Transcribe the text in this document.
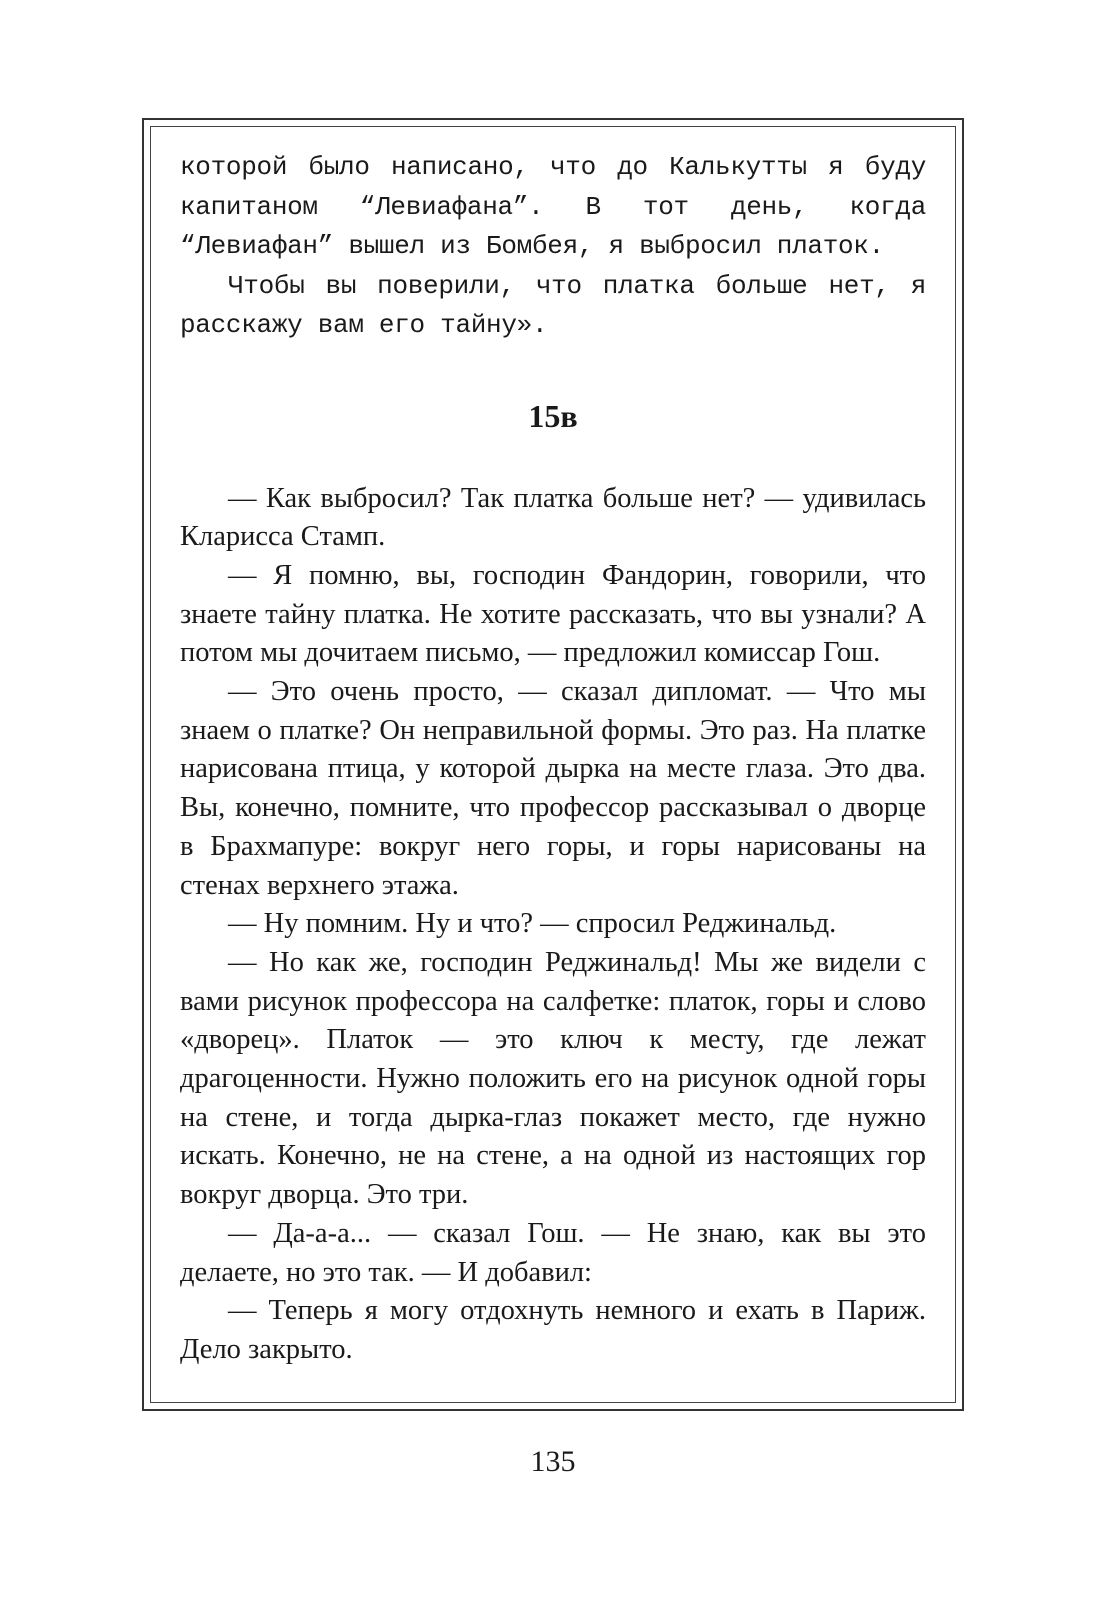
которой было написано, что до Калькутты я буду капитаном “Левиафана”. В тот день, когда “Левиафан” вышел из Бомбея, я выбросил платок.

Чтобы вы поверили, что платка больше нет, я расскажу вам его тайну».

15в

— Как выбросил? Так платка больше нет? — удивилась Кларисса Стамп.

— Я помню, вы, господин Фандорин, говорили, что знаете тайну платка. Не хотите рассказать, что вы узнали? А потом мы дочитаем письмо, — предложил комиссар Гош.

— Это очень просто, — сказал дипломат. — Что мы знаем о платке? Он неправильной формы. Это раз. На платке нарисована птица, у которой дырка на месте глаза. Это два. Вы, конечно, помните, что профессор рассказывал о дворце в Брахмапуре: вокруг него горы, и горы нарисованы на стенах верхнего этажа.

— Ну помним. Ну и что? — спросил Реджинальд.

— Но как же, господин Реджинальд! Мы же видели с вами рисунок профессора на салфетке: платок, горы и слово «дворец». Платок — это ключ к месту, где лежат драгоценности. Нужно положить его на рисунок одной горы на стене, и тогда дырка-глаз покажет место, где нужно искать. Конечно, не на стене, а на одной из настоящих гор вокруг дворца. Это три.

— Да-а-а... — сказал Гош. — Не знаю, как вы это делаете, но это так. — И добавил:

— Теперь я могу отдохнуть немного и ехать в Париж. Дело закрыто.

135
